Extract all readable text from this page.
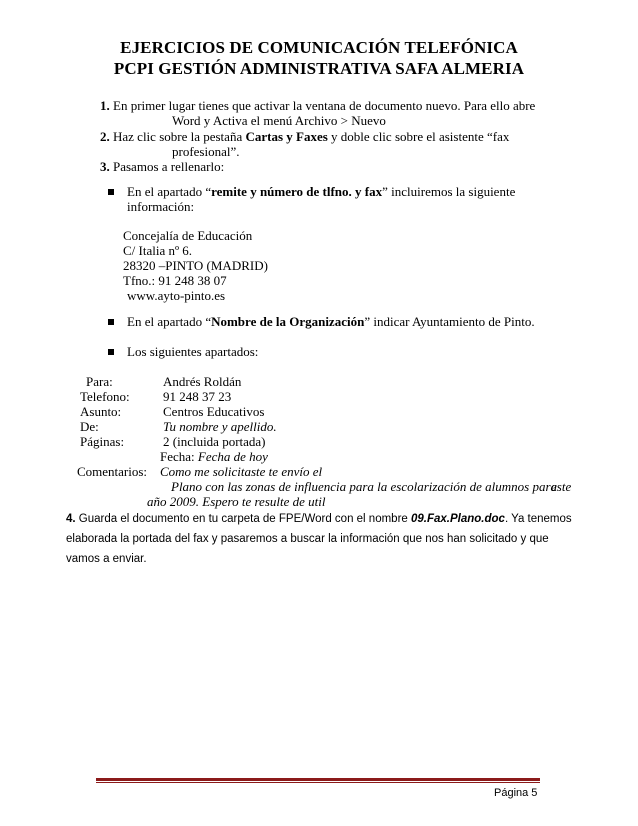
EJERCICIOS DE COMUNICACIÓN TELEFÓNICA
PCPI GESTIÓN ADMINISTRATIVA SAFA ALMERIA
1. En primer lugar tienes que activar la ventana de documento nuevo. Para ello abre
Word y Activa el menú Archivo > Nuevo
2. Haz clic sobre la pestaña Cartas y Faxes y doble clic sobre el asistente “fax
profesional”.
3. Pasamos a rellenarlo:
En el apartado “remite y número de tlfno. y fax” incluiremos la siguiente
información:
Concejalía de Educación
C/ Italia nº 6.
28320 –PINTO (MADRID)
Tfno.: 91 248 38 07
www.ayto-pinto.es
En el apartado “Nombre de la Organización” indicar Ayuntamiento de Pinto.
Los siguientes apartados:
Para:	Andrés Roldán
Telefono:	91 248 37 23
Asunto:	Centros Educativos
De:	Tu nombre y apellido.
Páginas:	2 (incluida portada)
Fecha: Fecha de hoy
Comentarios: Como me solicitaste te envío el
Plano con las zonas de influencia para la escolarización de alumnos para
este
año 2009. Espero te resulte de util
4. Guarda el documento en tu carpeta de FPE/Word con el nombre 09.Fax.Plano.doc. Ya tenemos
elaborada la portada del fax y pasaremos a buscar la información que nos han solicitado y que
vamos a enviar.
Página 5
